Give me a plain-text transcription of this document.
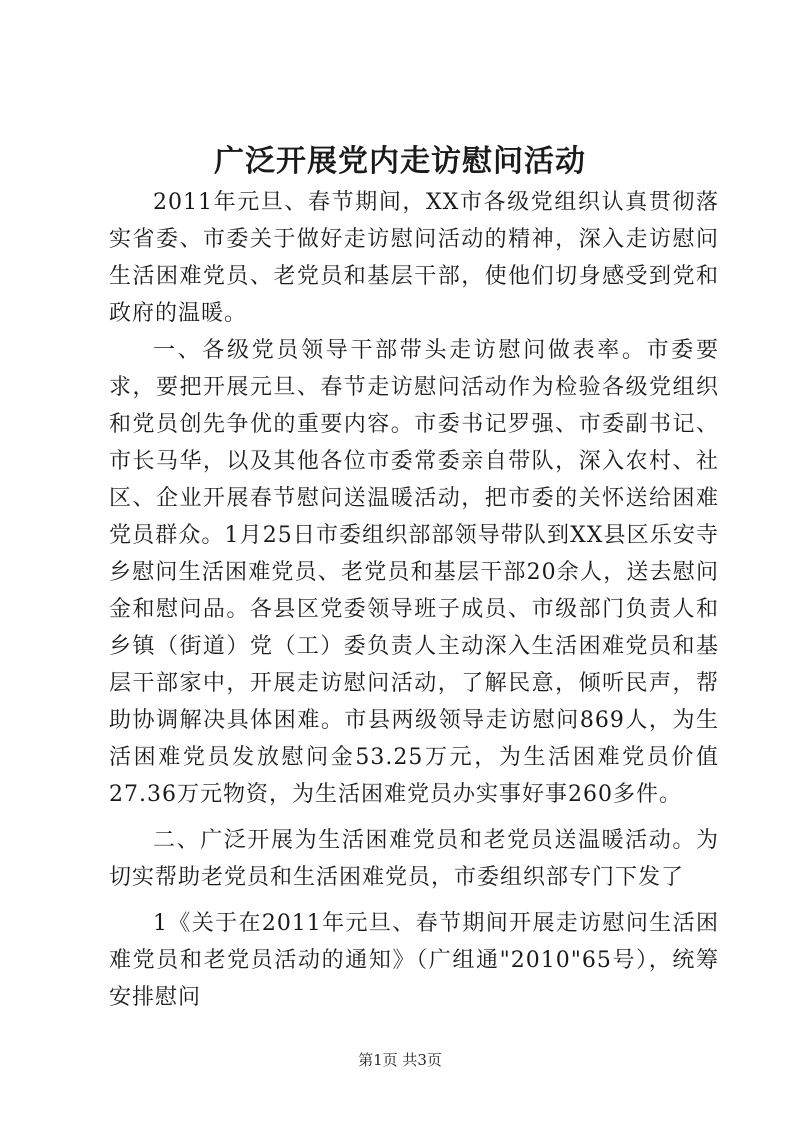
广泛开展党内走访慰问活动

2011年元旦、春节期间，XX市各级党组织认真贯彻落实省委、市委关于做好走访慰问活动的精神，深入走访慰问生活困难党员、老党员和基层干部，使他们切身感受到党和政府的温暖。

一、各级党员领导干部带头走访慰问做表率。市委要求，要把开展元旦、春节走访慰问活动作为检验各级党组织和党员创先争优的重要内容。市委书记罗强、市委副书记、市长马华，以及其他各位市委常委亲自带队，深入农村、社区、企业开展春节慰问送温暖活动，把市委的关怀送给困难党员群众。1月25日市委组织部部领导带队到XX县区乐安寺乡慰问生活困难党员、老党员和基层干部20余人，送去慰问金和慰问品。各县区党委领导班子成员、市级部门负责人和乡镇（街道）党（工）委负责人主动深入生活困难党员和基层干部家中，开展走访慰问活动，了解民意，倾听民声，帮助协调解决具体困难。市县两级领导走访慰问869人，为生活困难党员发放慰问金53.25万元，为生活困难党员价值27.36万元物资，为生活困难党员办实事好事260多件。

二、广泛开展为生活困难党员和老党员送温暖活动。为切实帮助老党员和生活困难党员，市委组织部专门下发了

1《关于在2011年元旦、春节期间开展走访慰问生活困难党员和老党员活动的通知》（广组通"2010"65号），统筹安排慰问

第1页 共3页
